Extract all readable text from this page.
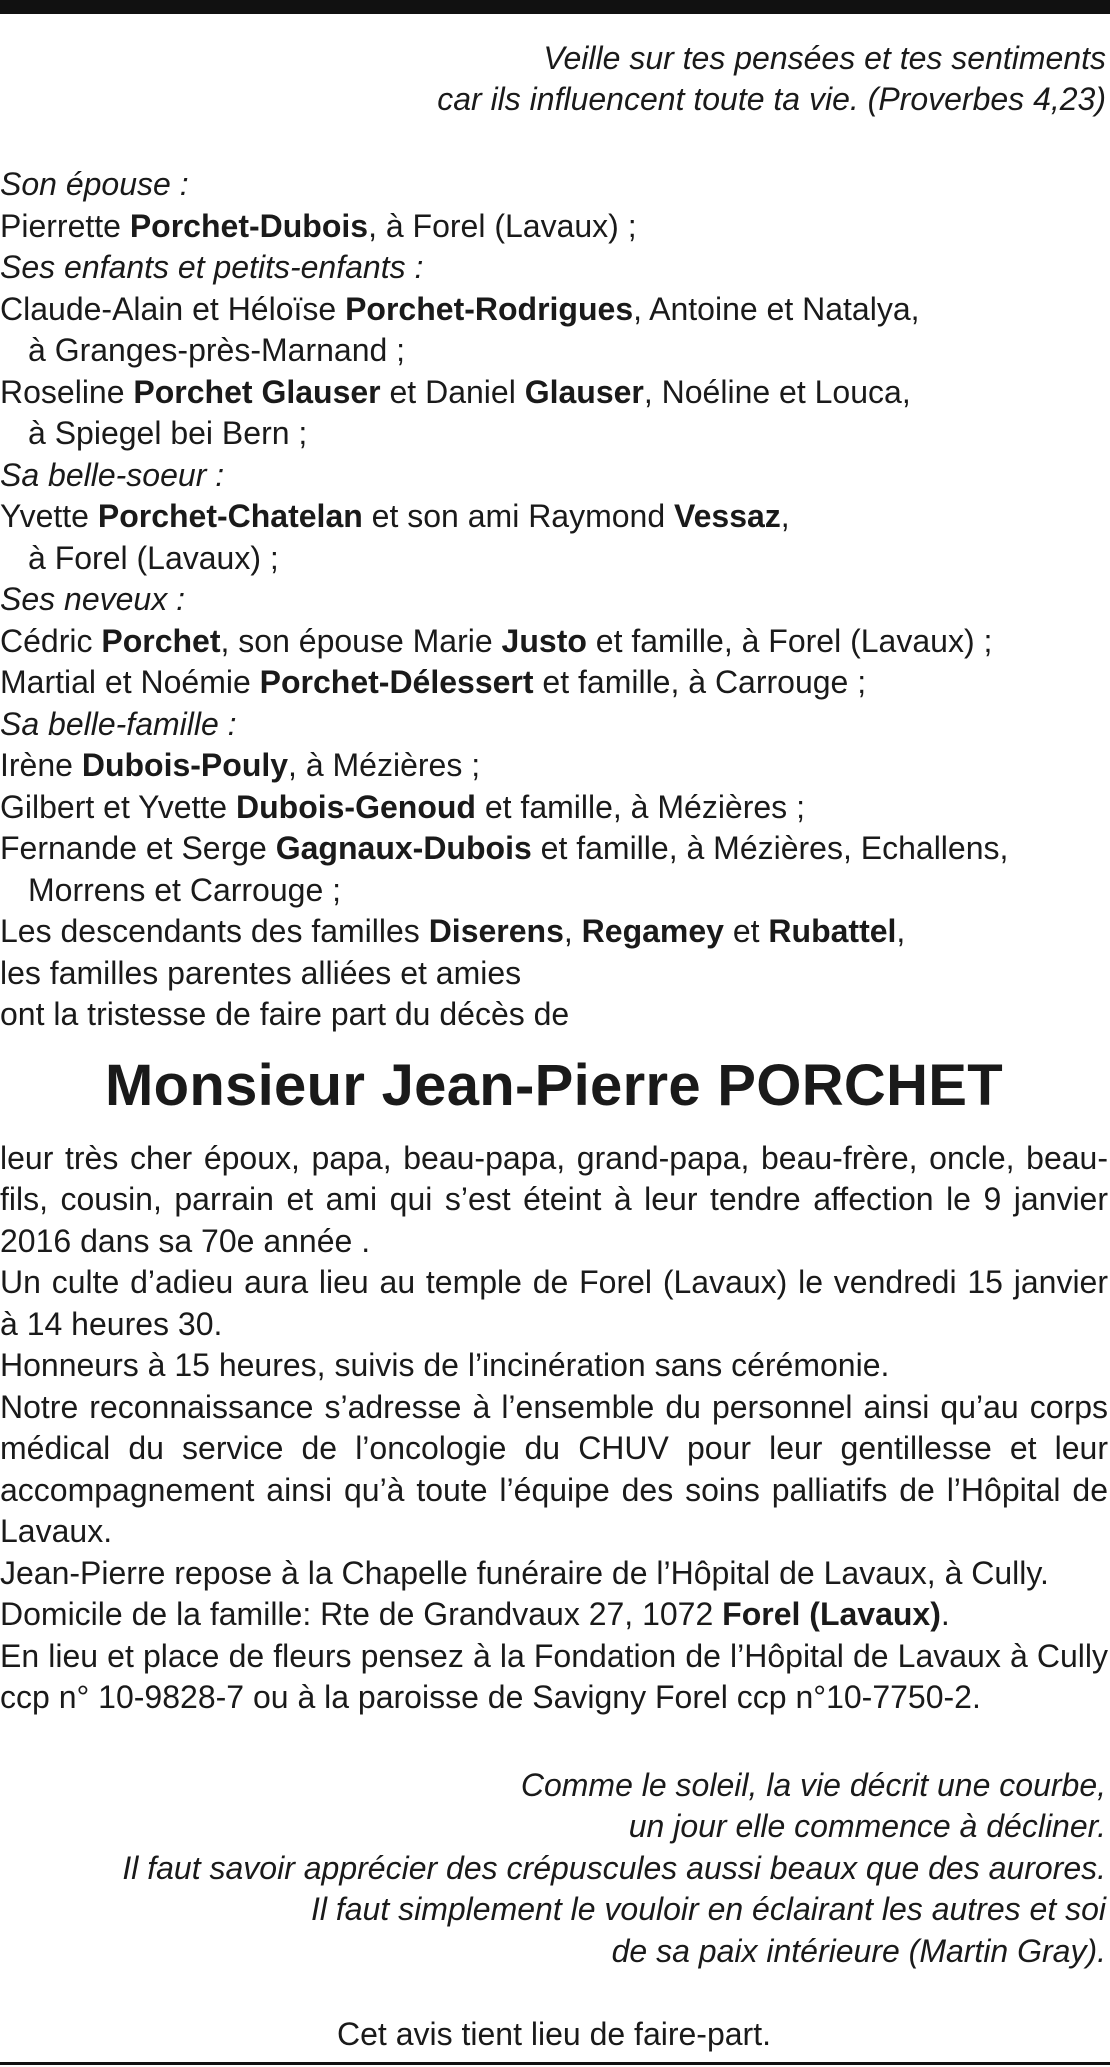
Veille sur tes pensées et tes sentiments
car ils influencent toute ta vie. (Proverbes 4,23)
Son épouse :
Pierrette Porchet-Dubois, à Forel (Lavaux) ;
Ses enfants et petits-enfants :
Claude-Alain et Héloïse Porchet-Rodrigues, Antoine et Natalya,
à Granges-près-Marnand ;
Roseline Porchet Glauser et Daniel Glauser, Noéline et Louca,
à Spiegel bei Bern ;
Sa belle-soeur :
Yvette Porchet-Chatelan et son ami Raymond Vessaz,
à Forel (Lavaux) ;
Ses neveux :
Cédric Porchet, son épouse Marie Justo et famille, à Forel (Lavaux) ;
Martial et Noémie Porchet-Délessert et famille, à Carrouge ;
Sa belle-famille :
Irène Dubois-Pouly, à Mézières ;
Gilbert et Yvette Dubois-Genoud et famille, à Mézières ;
Fernande et Serge Gagnaux-Dubois et famille, à Mézières, Echallens,
Morrens et Carrouge ;
Les descendants des familles Diserens, Regamey et Rubattel,
les familles parentes alliées et amies
ont la tristesse de faire part du décès de
Monsieur Jean-Pierre PORCHET
leur très cher époux, papa, beau-papa, grand-papa, beau-frère, oncle, beau-fils, cousin, parrain et ami qui s’est éteint à leur tendre affection le 9 janvier 2016 dans sa 70e année .
Un culte d’adieu aura lieu au temple de Forel (Lavaux) le vendredi 15 janvier à 14 heures 30.
Honneurs à 15 heures, suivis de l’incinération sans cérémonie.
Notre reconnaissance s’adresse à l’ensemble du personnel ainsi qu’au corps médical du service de l’oncologie du CHUV pour leur gentillesse et leur accompagnement ainsi qu’à toute l’équipe des soins palliatifs de l’Hôpital de Lavaux.
Jean-Pierre repose à la Chapelle funéraire de l’Hôpital de Lavaux, à Cully.
Domicile de la famille: Rte de Grandvaux 27, 1072 Forel (Lavaux).
En lieu et place de fleurs pensez à la Fondation de l’Hôpital de Lavaux à Cully ccp n° 10-9828-7 ou à la paroisse de Savigny Forel ccp n°10-7750-2.
Comme le soleil, la vie décrit une courbe,
un jour elle commence à décliner.
Il faut savoir apprécier des crépuscules aussi beaux que des aurores.
Il faut simplement le vouloir en éclairant les autres et soi
de sa paix intérieure (Martin Gray).
Cet avis tient lieu de faire-part.
